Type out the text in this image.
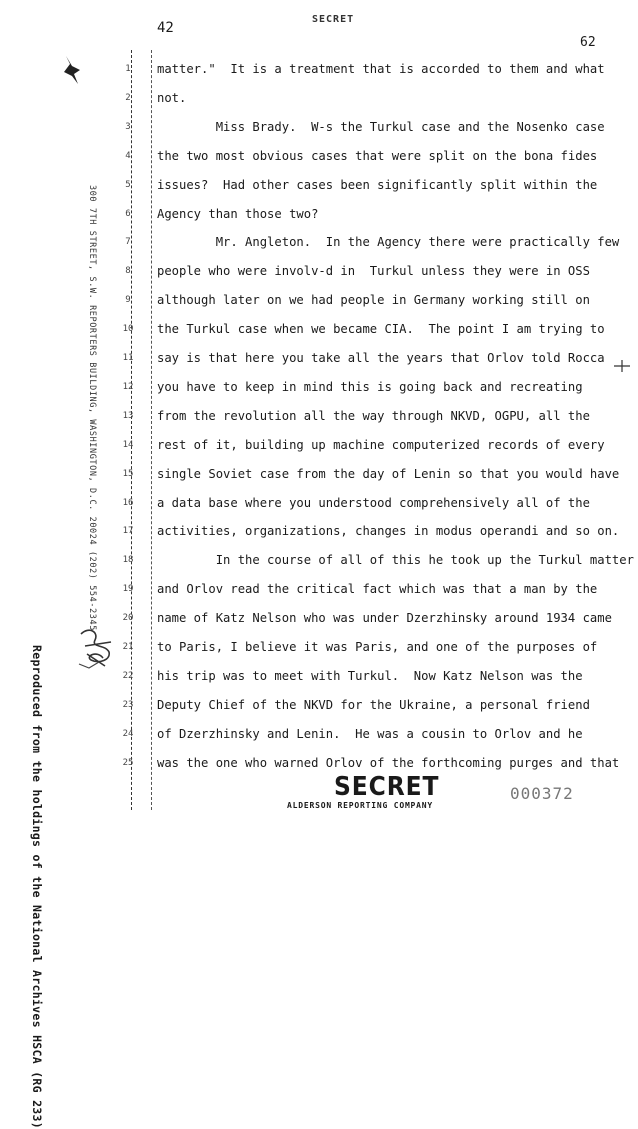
42
SECRET
62
Reproduced from the holdings of the National Archives HSCA (RG 233)
300 7TH STREET, S.W. REPORTERS BUILDING, WASHINGTON, D.C. 20024 (202) 554-2345
1	matter."  It is a treatment that is accorded to them and what
2	not.
3	Miss Brady.  W-s the Turkul case and the Nosenko case
4	the two most obvious cases that were split on the bona fides
5	issues?  Had other cases been significantly split within the
6	Agency than those two?
7	Mr. Angleton.  In the Agency there were practically few
8	people who were involv-d in  Turkul unless they were in OSS
9	although later on we had people in Germany working still on
10	the Turkul case when we became CIA.  The point I am trying to
11	say is that here you take all the years that Orlov told Rocca
12	you have to keep in mind this is going back and recreating
13	from the revolution all the way through NKVD, OGPU, all the
14	rest of it, building up machine computerized records of every
15	single Soviet case from the day of Lenin so that you would have
16	a data base where you understood comprehensively all of the
17	activities, organizations, changes in modus operandi and so on.
18	In the course of all of this he took up the Turkul matter
19	and Orlov read the critical fact which was that a man by the
20	name of Katz Nelson who was under Dzerzhinsky around 1934 came
21	to Paris, I believe it was Paris, and one of the purposes of
22	his trip was to meet with Turkul.  Now Katz Nelson was the
23	Deputy Chief of the NKVD for the Ukraine, a personal friend
24	of Dzerzhinsky and Lenin.  He was a cousin to Orlov and he
25	was the one who warned Orlov of the forthcoming purges and that
SECRET
ALDERSON REPORTING COMPANY
000372
